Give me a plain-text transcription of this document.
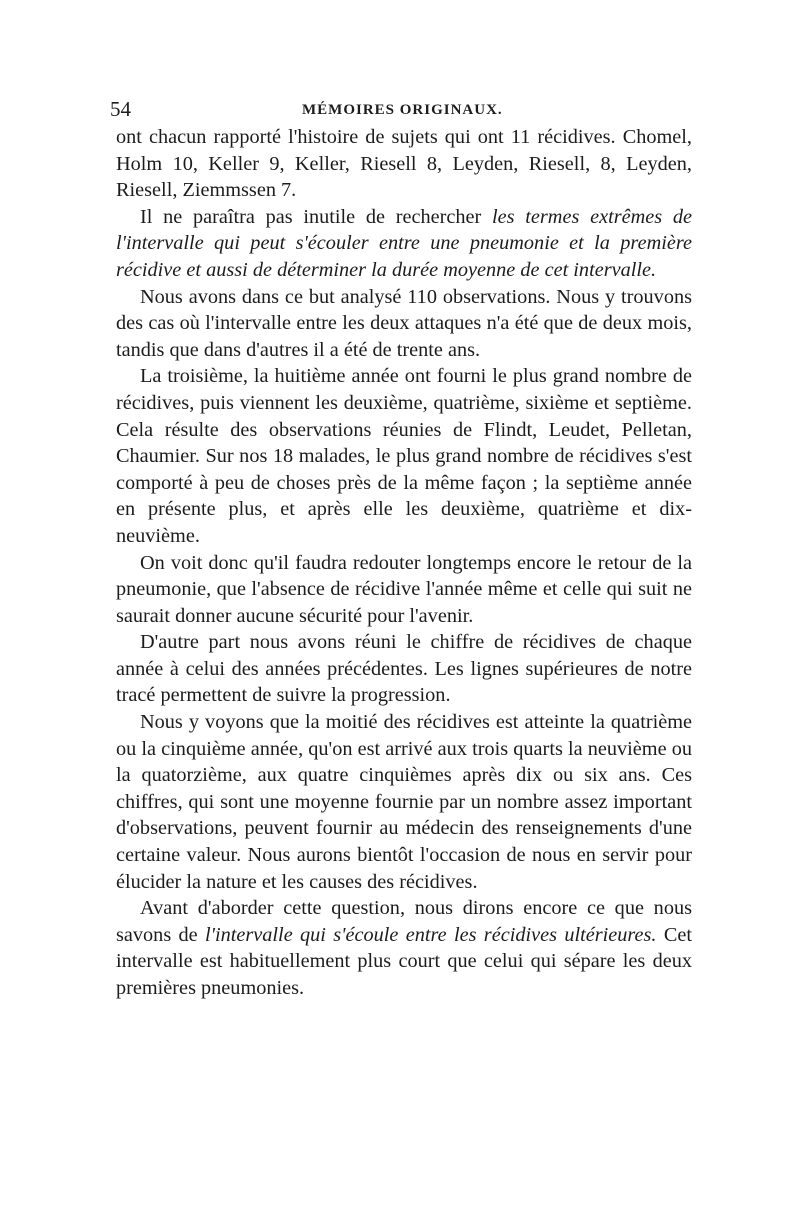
54	MÉMOIRES ORIGINAUX.

ont chacun rapporté l'histoire de sujets qui ont 11 récidives. Chomel, Holm 10, Keller 9, Keller, Riesell 8, Leyden, Riesell, 8, Leyden, Riesell, Ziemmssen 7.

Il ne paraîtra pas inutile de rechercher les termes extrêmes de l'intervalle qui peut s'écouler entre une pneumonie et la première récidive et aussi de déterminer la durée moyenne de cet intervalle.

Nous avons dans ce but analysé 110 observations. Nous y trouvons des cas où l'intervalle entre les deux attaques n'a été que de deux mois, tandis que dans d'autres il a été de trente ans.

La troisième, la huitième année ont fourni le plus grand nombre de récidives, puis viennent les deuxième, quatrième, sixième et septième. Cela résulte des observations réunies de Flindt, Leudet, Pelletan, Chaumier. Sur nos 18 malades, le plus grand nombre de récidives s'est comporté à peu de choses près de la même façon ; la septième année en présente plus, et après elle les deuxième, quatrième et dix-neuvième.

On voit donc qu'il faudra redouter longtemps encore le retour de la pneumonie, que l'absence de récidive l'année même et celle qui suit ne saurait donner aucune sécurité pour l'avenir.

D'autre part nous avons réuni le chiffre de récidives de chaque année à celui des années précédentes. Les lignes supérieures de notre tracé permettent de suivre la progression.

Nous y voyons que la moitié des récidives est atteinte la quatrième ou la cinquième année, qu'on est arrivé aux trois quarts la neuvième ou la quatorzième, aux quatre cinquièmes après dix ou six ans. Ces chiffres, qui sont une moyenne fournie par un nombre assez important d'observations, peuvent fournir au médecin des renseignements d'une certaine valeur. Nous aurons bientôt l'occasion de nous en servir pour élucider la nature et les causes des récidives.

Avant d'aborder cette question, nous dirons encore ce que nous savons de l'intervalle qui s'écoule entre les récidives ultérieures. Cet intervalle est habituellement plus court que celui qui sépare les deux premières pneumonies.
